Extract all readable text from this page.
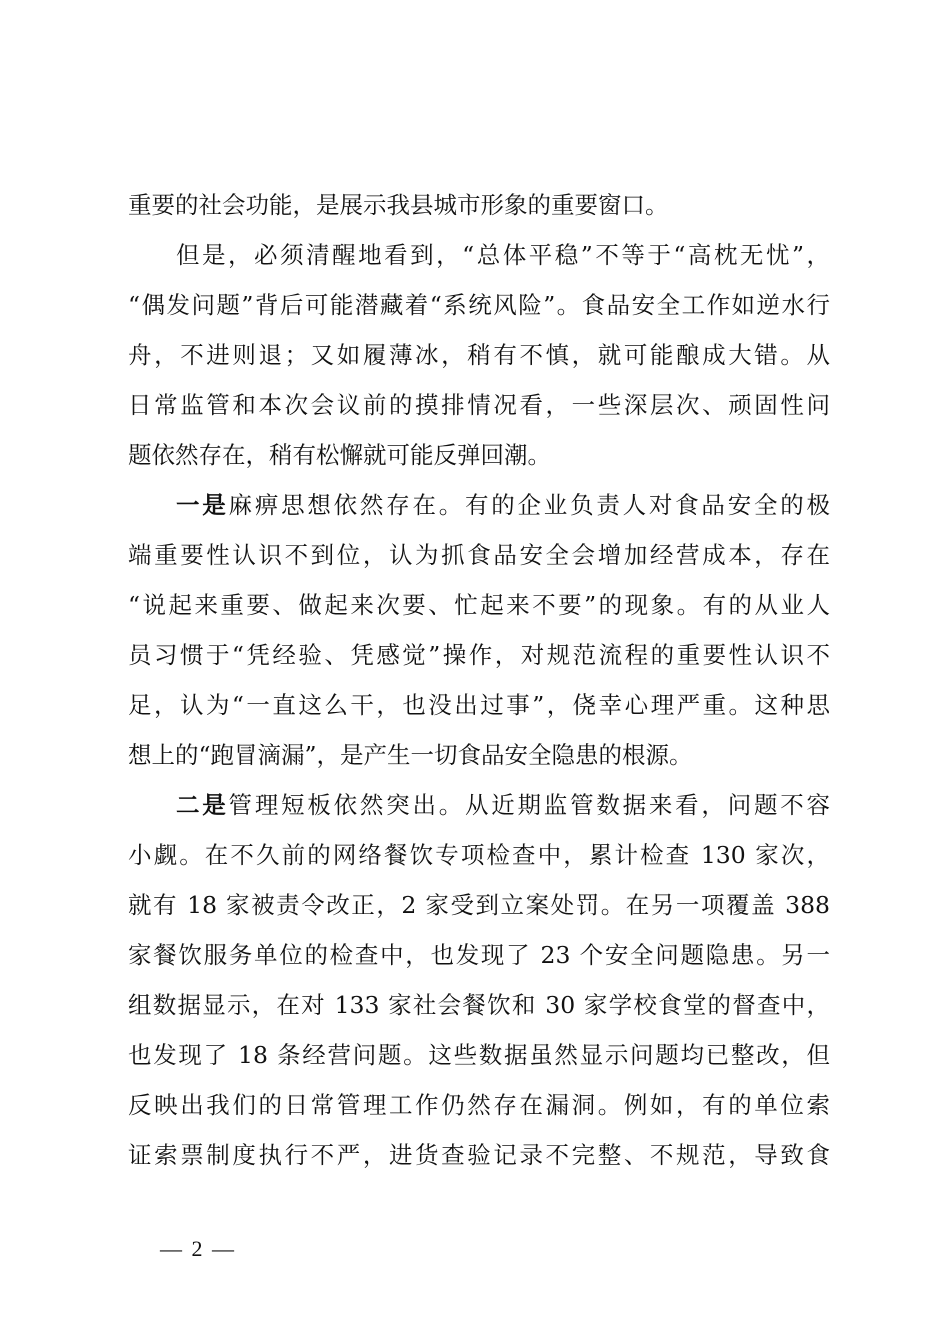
重要的社会功能，是展示我县城市形象的重要窗口。
但是，必须清醒地看到，“总体平稳”不等于“高枕无忧”，
“偶发问题”背后可能潜藏着“系统风险”。食品安全工作如逆水行
舟，不进则退；又如履薄冰，稍有不慎，就可能酿成大错。从
日常监管和本次会议前的摸排情况看，一些深层次、顽固性问
题依然存在，稍有松懈就可能反弹回潮。
一是麻痹思想依然存在。有的企业负责人对食品安全的极
端重要性认识不到位，认为抓食品安全会增加经营成本，存在
“说起来重要、做起来次要、忙起来不要”的现象。有的从业人
员习惯于“凭经验、凭感觉”操作，对规范流程的重要性认识不
足，认为“一直这么干，也没出过事”，侥幸心理严重。这种思
想上的“跑冒滴漏”，是产生一切食品安全隐患的根源。
二是管理短板依然突出。从近期监管数据来看，问题不容
小觑。在不久前的网络餐饮专项检查中，累计检查 130 家次，
就有 18 家被责令改正，2 家受到立案处罚。在另一项覆盖 388
家餐饮服务单位的检查中，也发现了 23 个安全问题隐患。另一
组数据显示，在对 133 家社会餐饮和 30 家学校食堂的督查中，
也发现了 18 条经营问题。这些数据虽然显示问题均已整改，但
反映出我们的日常管理工作仍然存在漏洞。例如，有的单位索
证索票制度执行不严，进货查验记录不完整、不规范，导致食
— 2 —
